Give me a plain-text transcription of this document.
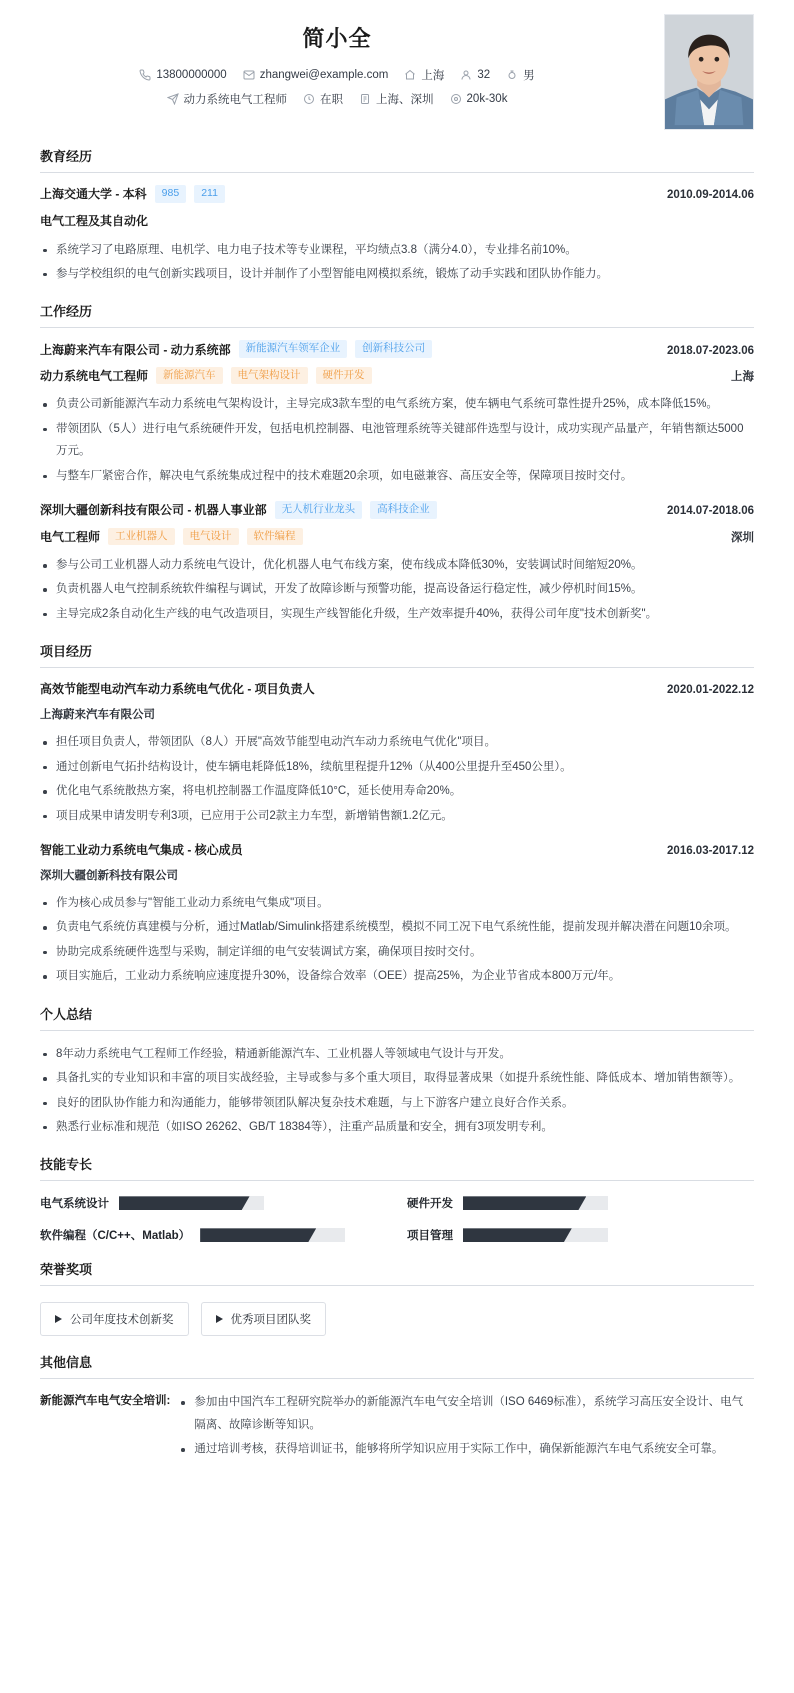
简小全
13800000000	zhangwei@example.com	上海	32	男
动力系统电气工程师	在职	上海、深圳	20k-30k
教育经历
上海交通大学 - 本科	985	211	2010.09-2014.06
电气工程及其自动化
系统学习了电路原理、电机学、电力电子技术等专业课程，平均绩点3.8（满分4.0），专业排名前10%。
参与学校组织的电气创新实践项目，设计并制作了小型智能电网模拟系统，锻炼了动手实践和团队协作能力。
工作经历
上海蔚来汽车有限公司 - 动力系统部	新能源汽车领军企业	创新科技公司	2018.07-2023.06
动力系统电气工程师	新能源汽车	电气架构设计	硬件开发	上海
负责公司新能源汽车动力系统电气架构设计，主导完成3款车型的电气系统方案，使车辆电气系统可靠性提升25%，成本降低15%。
带领团队（5人）进行电气系统硬件开发，包括电机控制器、电池管理系统等关键部件选型与设计，成功实现产品量产，年销售额达5000万元。
与整车厂紧密合作，解决电气系统集成过程中的技术难题20余项，如电磁兼容、高压安全等，保障项目按时交付。
深圳大疆创新科技有限公司 - 机器人事业部	无人机行业龙头	高科技企业	2014.07-2018.06
电气工程师	工业机器人	电气设计	软件编程	深圳
参与公司工业机器人动力系统电气设计，优化机器人电气布线方案，使布线成本降低30%，安装调试时间缩短20%。
负责机器人电气控制系统软件编程与调试，开发了故障诊断与预警功能，提高设备运行稳定性，减少停机时间15%。
主导完成2条自动化生产线的电气改造项目，实现生产线智能化升级，生产效率提升40%，获得公司年度"技术创新奖"。
项目经历
高效节能型电动汽车动力系统电气优化 - 项目负责人	2020.01-2022.12
上海蔚来汽车有限公司
担任项目负责人，带领团队（8人）开展"高效节能型电动汽车动力系统电气优化"项目。
通过创新电气拓扑结构设计，使车辆电耗降低18%，续航里程提升12%（从400公里提升至450公里）。
优化电气系统散热方案，将电机控制器工作温度降低10°C，延长使用寿命20%。
项目成果申请发明专利3项，已应用于公司2款主力车型，新增销售额1.2亿元。
智能工业动力系统电气集成 - 核心成员	2016.03-2017.12
深圳大疆创新科技有限公司
作为核心成员参与"智能工业动力系统电气集成"项目。
负责电气系统仿真建模与分析，通过Matlab/Simulink搭建系统模型，模拟不同工况下电气系统性能，提前发现并解决潜在问题10余项。
协助完成系统硬件选型与采购，制定详细的电气安装调试方案，确保项目按时交付。
项目实施后，工业动力系统响应速度提升30%，设备综合效率（OEE）提高25%，为企业节省成本800万元/年。
个人总结
8年动力系统电气工程师工作经验，精通新能源汽车、工业机器人等领域电气设计与开发。
具备扎实的专业知识和丰富的项目实战经验，主导或参与多个重大项目，取得显著成果（如提升系统性能、降低成本、增加销售额等）。
良好的团队协作能力和沟通能力，能够带领团队解决复杂技术难题，与上下游客户建立良好合作关系。
熟悉行业标准和规范（如ISO 26262、GB/T 18384等），注重产品质量和安全，拥有3项发明专利。
技能专长
电气系统设计	硬件开发
软件编程（C/C++、Matlab）	项目管理
荣誉奖项
公司年度技术创新奖	优秀项目团队奖
其他信息
新能源汽车电气安全培训:	参加由中国汽车工程研究院举办的新能源汽车电气安全培训（ISO 6469标准），系统学习高压安全设计、电气隔离、故障诊断等知识。
通过培训考核，获得培训证书，能够将所学知识应用于实际工作中，确保新能源汽车电气系统安全可靠。
